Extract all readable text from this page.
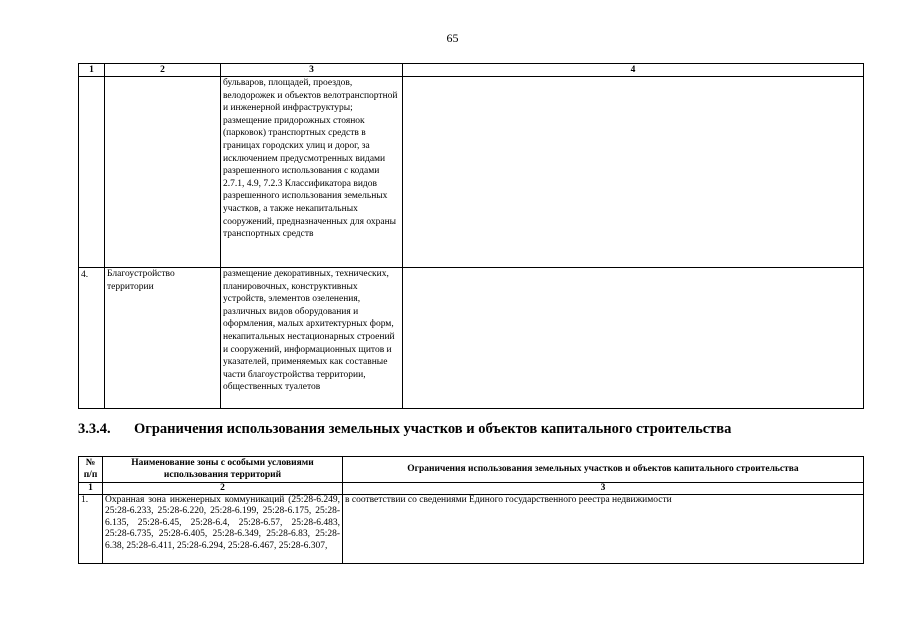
65
1	2	3	4
		бульваров, площадей, проездов, велодорожек и объектов велотранспортной и инженерной инфраструктуры; размещение придорожных стоянок (парковок) транспортных средств в границах городских улиц и дорог, за исключением предусмотренных видами разрешенного использования с кодами 2.7.1, 4.9, 7.2.3 Классификатора видов разрешенного использования земельных участков, а также некапитальных сооружений, предназначенных для охраны транспортных средств	
4.	Благоустройство территории	размещение декоративных, технических, планировочных, конструктивных устройств, элементов озеленения, различных видов оборудования и оформления, малых архитектурных форм, некапитальных нестационарных строений и сооружений, информационных щитов и указателей, применяемых как составные части благоустройства территории, общественных туалетов	
3.3.4. Ограничения использования земельных участков и объектов капитального строительства
№ п/п	Наименование зоны с особыми условиями использования территорий	Ограничения использования земельных участков и объектов капитального строительства
1	2	3
1.	Охранная зона инженерных коммуникаций (25:28-6.249, 25:28-6.233, 25:28-6.220, 25:28-6.199, 25:28-6.175, 25:28-6.135, 25:28-6.45, 25:28-6.4, 25:28-6.57, 25:28-6.483, 25:28-6.735, 25:28-6.405, 25:28-6.349, 25:28-6.83, 25:28-6.38, 25:28-6.411, 25:28-6.294, 25:28-6.467, 25:28-6.307,	в соответствии со сведениями Единого государственного реестра недвижимости
